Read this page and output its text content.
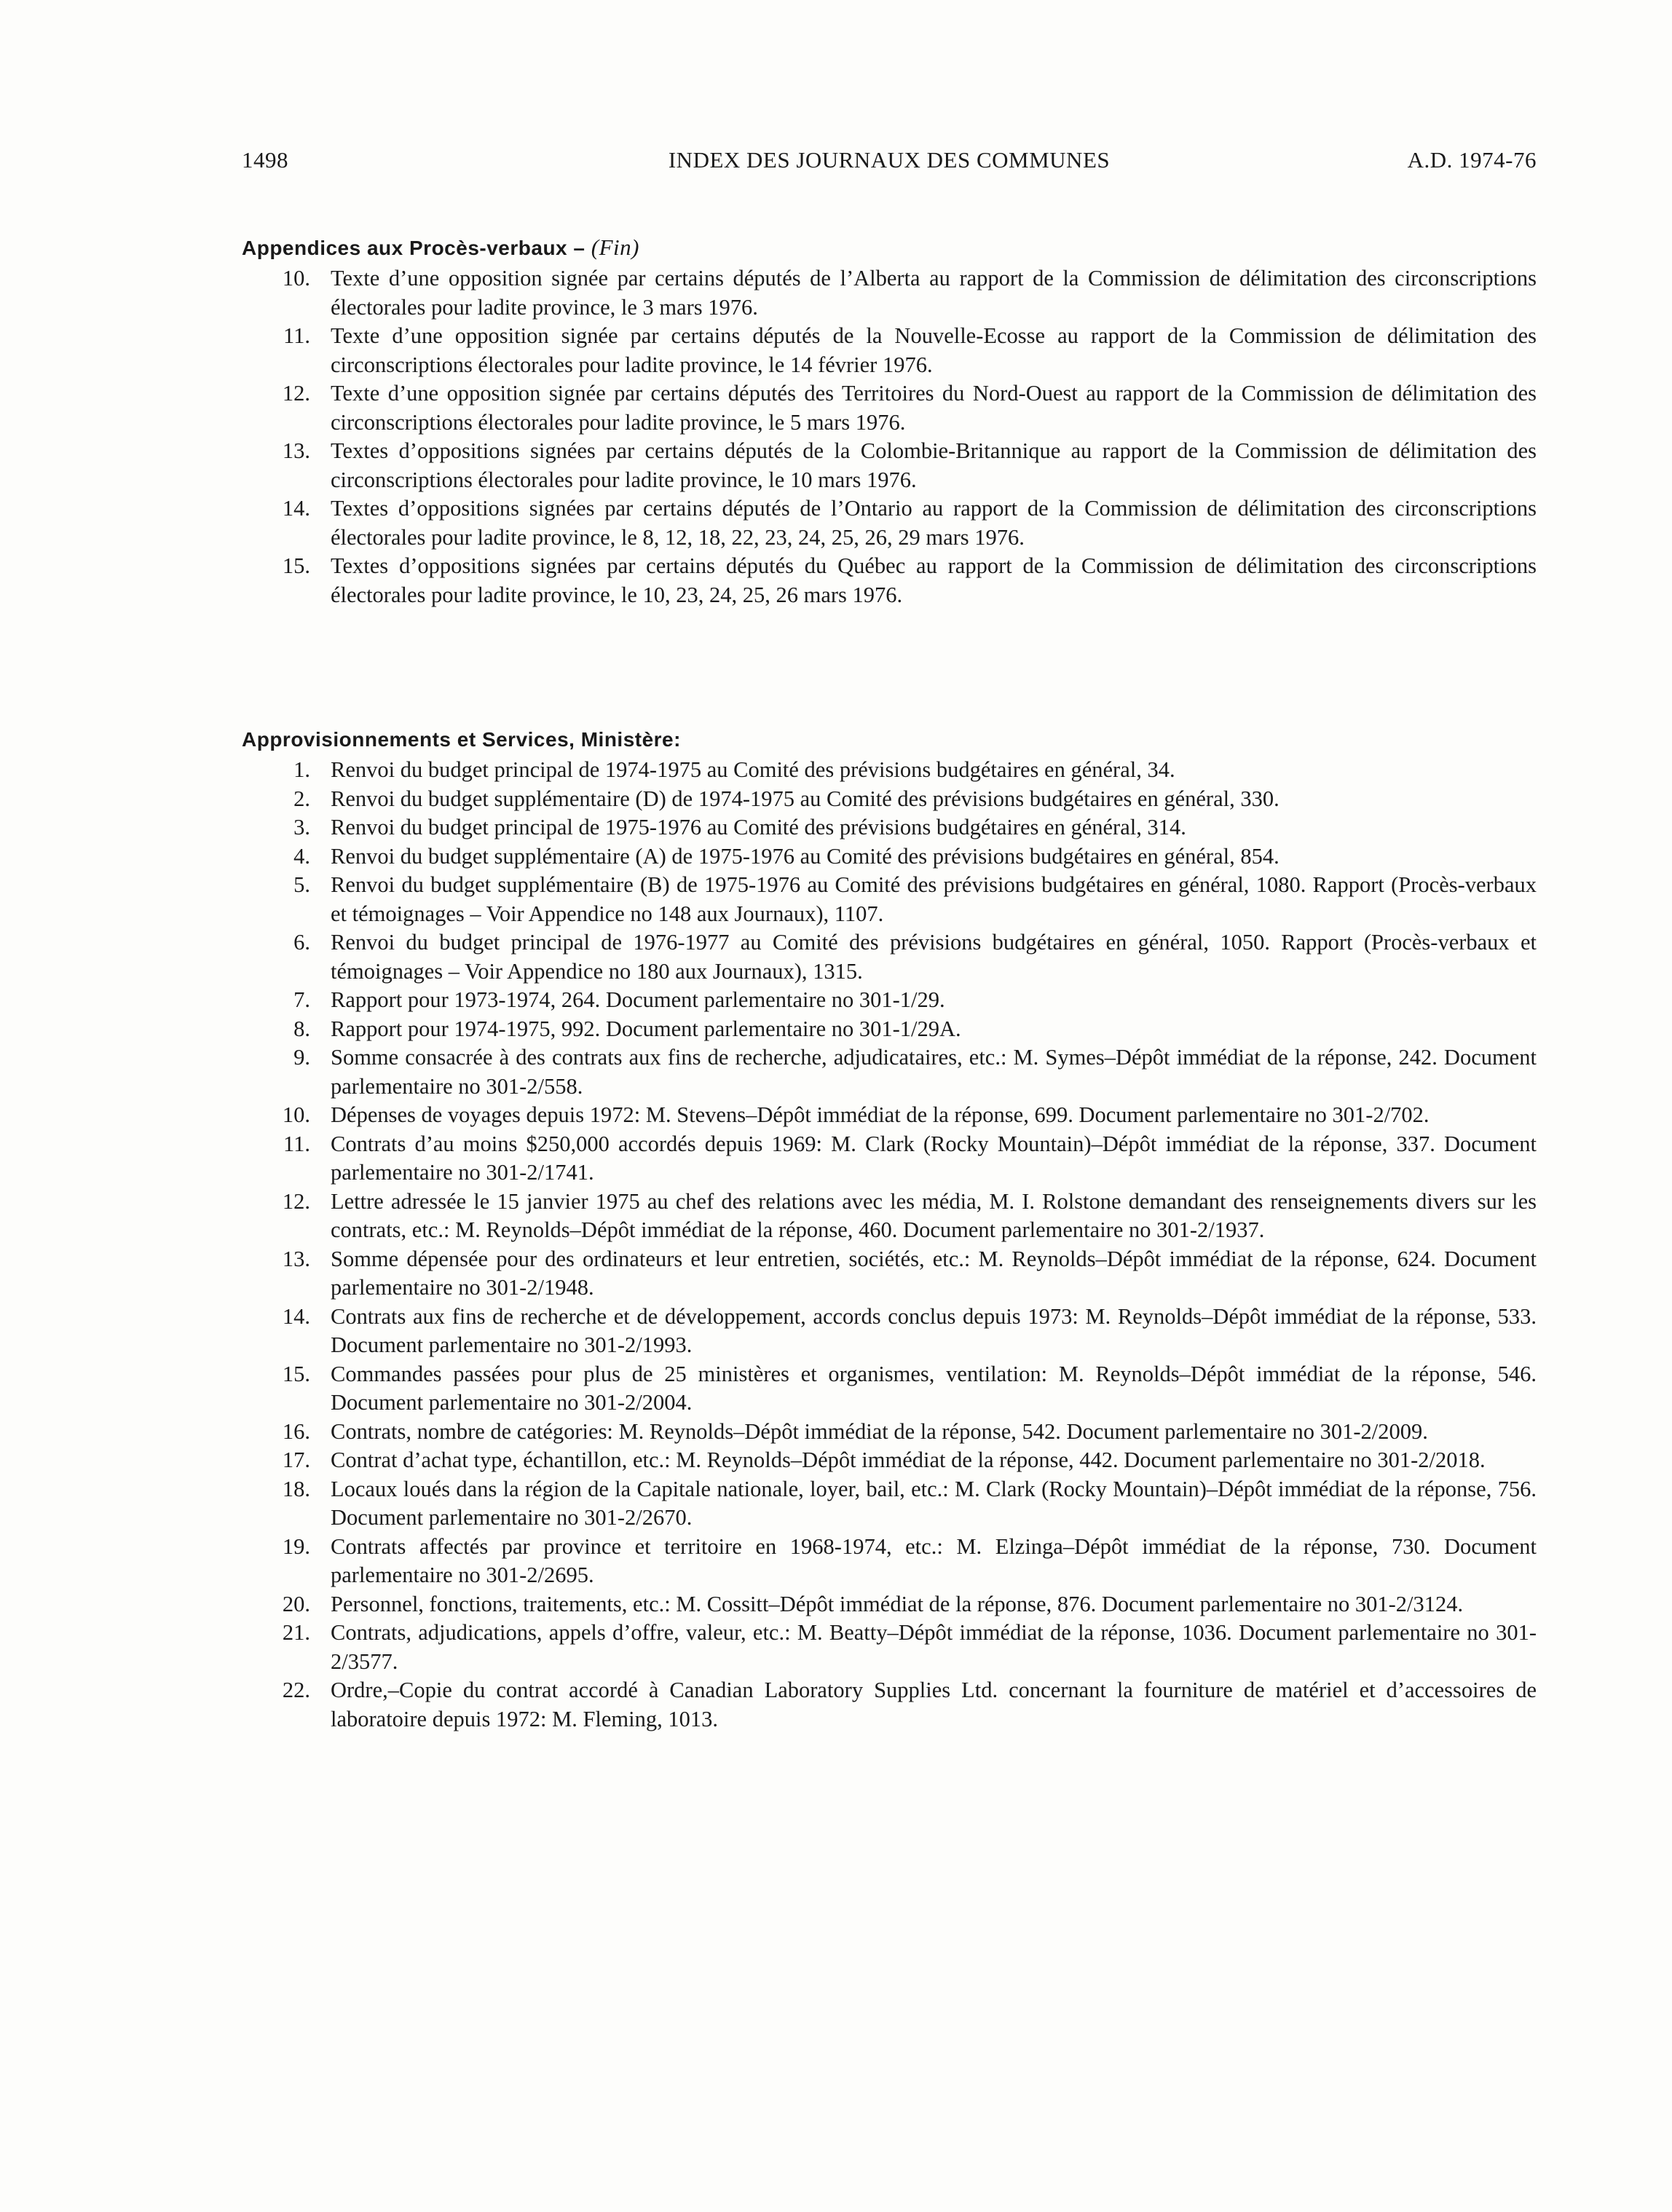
1498	INDEX DES JOURNAUX DES COMMUNES	A.D. 1974-76
Appendices aux Procès-verbaux – (Fin)
10 . Texte d’une opposition signée par certains députés de l’Alberta au rapport de la Commission de délimitation des circonscriptions électorales pour ladite province, le 3 mars 1976.
11 . Texte d’une opposition signée par certains députés de la Nouvelle-Ecosse au rapport de la Commission de délimitation des circonscriptions électorales pour ladite province, le 14 février 1976.
12 . Texte d’une opposition signée par certains députés des Territoires du Nord-Ouest au rapport de la Commission de délimitation des circonscriptions électorales pour ladite province, le 5 mars 1976.
13 . Textes d’oppositions signées par certains députés de la Colombie-Britannique au rapport de la Commission de délimitation des circonscriptions électorales pour ladite province, le 10 mars 1976.
14 . Textes d’oppositions signées par certains députés de l’Ontario au rapport de la Commission de délimitation des circonscriptions électorales pour ladite province, le 8, 12, 18, 22, 23, 24, 25, 26, 29 mars 1976.
15 . Textes d’oppositions signées par certains députés du Québec au rapport de la Commission de délimitation des circonscriptions électorales pour ladite province, le 10, 23, 24, 25, 26 mars 1976.
Approvisionnements et Services, Ministère:
1 . Renvoi du budget principal de 1974-1975 au Comité des prévisions budgétaires en général, 34.
2 . Renvoi du budget supplémentaire (D) de 1974-1975 au Comité des prévisions budgétaires en général, 330.
3 . Renvoi du budget principal de 1975-1976 au Comité des prévisions budgétaires en général, 314.
4 . Renvoi du budget supplémentaire (A) de 1975-1976 au Comité des prévisions budgétaires en général, 854.
5 . Renvoi du budget supplémentaire (B) de 1975-1976 au Comité des prévisions budgétaires en général, 1080. Rapport (Procès-verbaux et témoignages – Voir Appendice no 148 aux Journaux), 1107.
6 . Renvoi du budget principal de 1976-1977 au Comité des prévisions budgétaires en général, 1050. Rapport (Procès-verbaux et témoignages – Voir Appendice no 180 aux Journaux), 1315.
7 . Rapport pour 1973-1974, 264. Document parlementaire no 301-1/29.
8 . Rapport pour 1974-1975, 992. Document parlementaire no 301-1/29A.
9 . Somme consacrée à des contrats aux fins de recherche, adjudicataires, etc.: M. Symes–Dépôt immédiat de la réponse, 242. Document parlementaire no 301-2/558.
10 . Dépenses de voyages depuis 1972: M. Stevens–Dépôt immédiat de la réponse, 699. Document parlementaire no 301-2/702.
11 . Contrats d’au moins $250,000 accordés depuis 1969: M. Clark (Rocky Mountain)–Dépôt immédiat de la réponse, 337. Document parlementaire no 301-2/1741.
12 . Lettre adressée le 15 janvier 1975 au chef des relations avec les média, M. I. Rolstone demandant des renseignements divers sur les contrats, etc.: M. Reynolds–Dépôt immédiat de la réponse, 460. Document parlementaire no 301-2/1937.
13 . Somme dépensée pour des ordinateurs et leur entretien, sociétés, etc.: M. Reynolds–Dépôt immédiat de la réponse, 624. Document parlementaire no 301-2/1948.
14 . Contrats aux fins de recherche et de développement, accords conclus depuis 1973: M. Reynolds–Dépôt immédiat de la réponse, 533. Document parlementaire no 301-2/1993.
15 . Commandes passées pour plus de 25 ministères et organismes, ventilation: M. Reynolds–Dépôt immédiat de la réponse, 546. Document parlementaire no 301-2/2004.
16 . Contrats, nombre de catégories: M. Reynolds–Dépôt immédiat de la réponse, 542. Document parlementaire no 301-2/2009.
17 . Contrat d’achat type, échantillon, etc.: M. Reynolds–Dépôt immédiat de la réponse, 442. Document parlementaire no 301-2/2018.
18 . Locaux loués dans la région de la Capitale nationale, loyer, bail, etc.: M. Clark (Rocky Mountain)–Dépôt immédiat de la réponse, 756. Document parlementaire no 301-2/2670.
19 . Contrats affectés par province et territoire en 1968-1974, etc.: M. Elzinga–Dépôt immédiat de la réponse, 730. Document parlementaire no 301-2/2695.
20 . Personnel, fonctions, traitements, etc.: M. Cossitt–Dépôt immédiat de la réponse, 876. Document parlementaire no 301-2/3124.
21 . Contrats, adjudications, appels d’offre, valeur, etc.: M. Beatty–Dépôt immédiat de la réponse, 1036. Document parlementaire no 301-2/3577.
22 . Ordre,–Copie du contrat accordé à Canadian Laboratory Supplies Ltd. concernant la fourniture de matériel et d’accessoires de laboratoire depuis 1972: M. Fleming, 1013.
